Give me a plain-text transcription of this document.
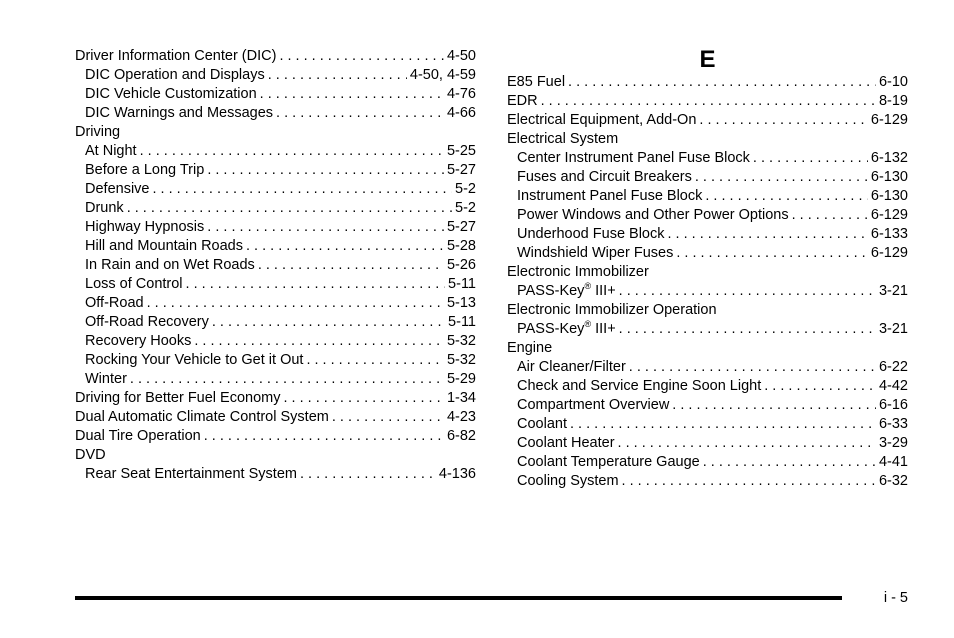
Driver Information Center (DIC) . . .	4-50
DIC Operation and Displays . . .	4-50, 4-59
DIC Vehicle Customization . . .	4-76
DIC Warnings and Messages . . .	4-66
Driving
At Night . . .	5-25
Before a Long Trip . . .	5-27
Defensive . . .	5-2
Drunk . . .	5-2
Highway Hypnosis . . .	5-27
Hill and Mountain Roads . . .	5-28
In Rain and on Wet Roads . . .	5-26
Loss of Control . . .	5-11
Off-Road . . .	5-13
Off-Road Recovery . . .	5-11
Recovery Hooks . . .	5-32
Rocking Your Vehicle to Get it Out . . .	5-32
Winter . . .	5-29
Driving for Better Fuel Economy . . .	1-34
Dual Automatic Climate Control System . . .	4-23
Dual Tire Operation . . .	6-82
DVD
Rear Seat Entertainment System . . .	4-136
E
E85 Fuel . . .	6-10
EDR . . .	8-19
Electrical Equipment, Add-On . . .	6-129
Electrical System
Center Instrument Panel Fuse Block . . .	6-132
Fuses and Circuit Breakers . . .	6-130
Instrument Panel Fuse Block . . .	6-130
Power Windows and Other Power Options . . .	6-129
Underhood Fuse Block . . .	6-133
Windshield Wiper Fuses . . .	6-129
Electronic Immobilizer
PASS-Key® III+ . . .	3-21
Electronic Immobilizer Operation
PASS-Key® III+ . . .	3-21
Engine
Air Cleaner/Filter . . .	6-22
Check and Service Engine Soon Light . . .	4-42
Compartment Overview . . .	6-16
Coolant . . .	6-33
Coolant Heater . . .	3-29
Coolant Temperature Gauge . . .	4-41
Cooling System . . .	6-32
i - 5
